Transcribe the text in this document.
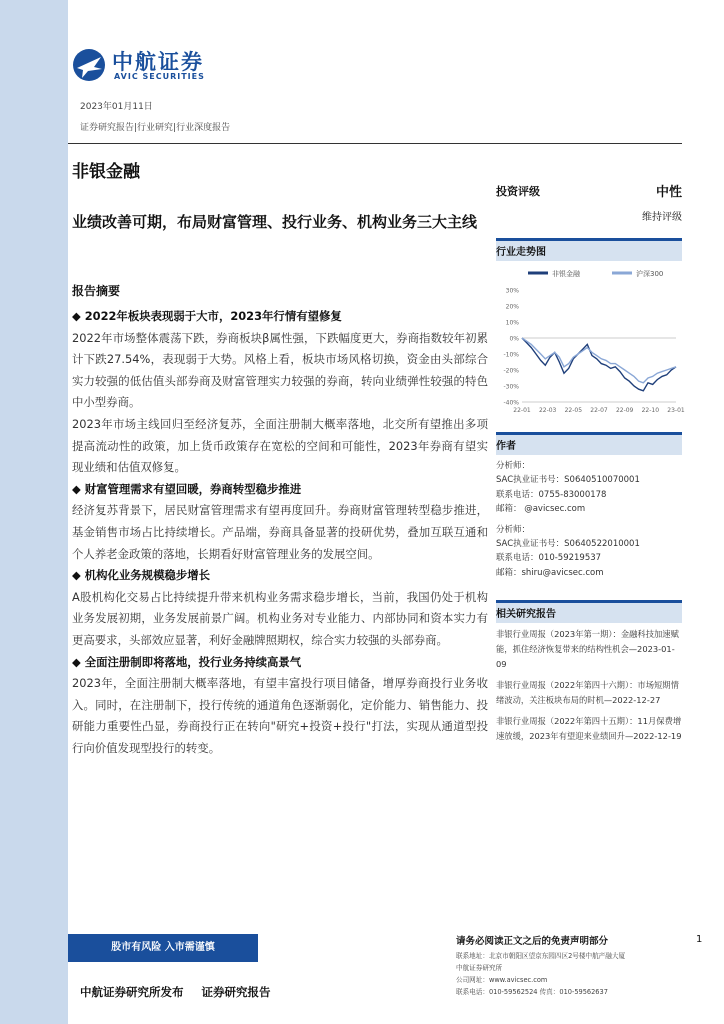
中航证券
AVIC SECURITIES
2023年01月11日
证券研究报告|行业研究|行业深度报告
非银金融
业绩改善可期，布局财富管理、投行业务、机构业务三大主线
报告摘要

◆ 2022年板块表现弱于大市，2023年行情有望修复

2022年市场整体震荡下跌，券商板块β属性强，下跌幅度更大，券商指数较年初累计下跌27.54%，表现弱于大势。风格上看，板块市场风格切换，资金由头部综合实力较强的低估值头部券商及财富管理实力较强的券商，转向业绩弹性较强的特色中小型券商。

2023年市场主线回归至经济复苏，全面注册制大概率落地，北交所有望推出多项提高流动性的政策，加上货币政策存在宽松的空间和可能性，2023年券商有望实现业绩和估值双修复。

◆ 财富管理需求有望回暖，券商转型稳步推进

经济复苏背景下，居民财富管理需求有望再度回升。券商财富管理转型稳步推进，基金销售市场占比持续增长。产品端，券商具备显著的投研优势，叠加互联互通和个人养老金政策的落地，长期看好财富管理业务的发展空间。

◆ 机构化业务规模稳步增长

A股机构化交易占比持续提升带来机构业务需求稳步增长，当前，我国仍处于机构业务发展初期，业务发展前景广阔。机构业务对专业能力、内部协同和资本实力有更高要求，头部效应显著，利好金融牌照期权，综合实力较强的头部券商。

◆ 全面注册制即将落地，投行业务持续高景气

2023年，全面注册制大概率落地，有望丰富投行项目储备，增厚券商投行业务收入。同时，在注册制下，投行传统的通道角色逐渐弱化，定价能力、销售能力、投研能力重要性凸显，券商投行正在转向"研究+投资+投行"打法，实现从通道型投行向价值发现型投行的转变。

投资评级	中性
维持评级
行业走势图
非银金融	沪深300
30%
20%
10%
0%
-10%
-20%
-30%
-40%
22-01 22-03 22-05 22-07 22-09 22-10 23-01
作者
分析师：
SAC执业证书号：S0640510070001
联系电话：0755-83000178
邮箱： @avicsec.com
分析师：
SAC执业证书号：S0640522010001
联系电话：010-59219537
邮箱：shiru@avicsec.com
相关研究报告
非银行业周报（2023年第一期）：金融科技加速赋能，抓住经济恢复带来的结构性机会—2023-01-09
非银行业周报（2022年第四十六期）：市场短期情绪波动，关注板块布局的时机—2022-12-27
非银行业周报（2022年第四十五期）：11月保费增速放缓，2023年有望迎来业绩回升—2022-12-19
股市有风险 入市需谨慎
请务必阅读正文之后的免责声明部分	1
联系地址：北京市朝阳区望京东园四区2号楼中航产融大厦
中航证券研究所
公司网址：www.avicsec.com
联系电话：010-59562524 传真：010-59562637
中航证券研究所发布 证券研究报告
